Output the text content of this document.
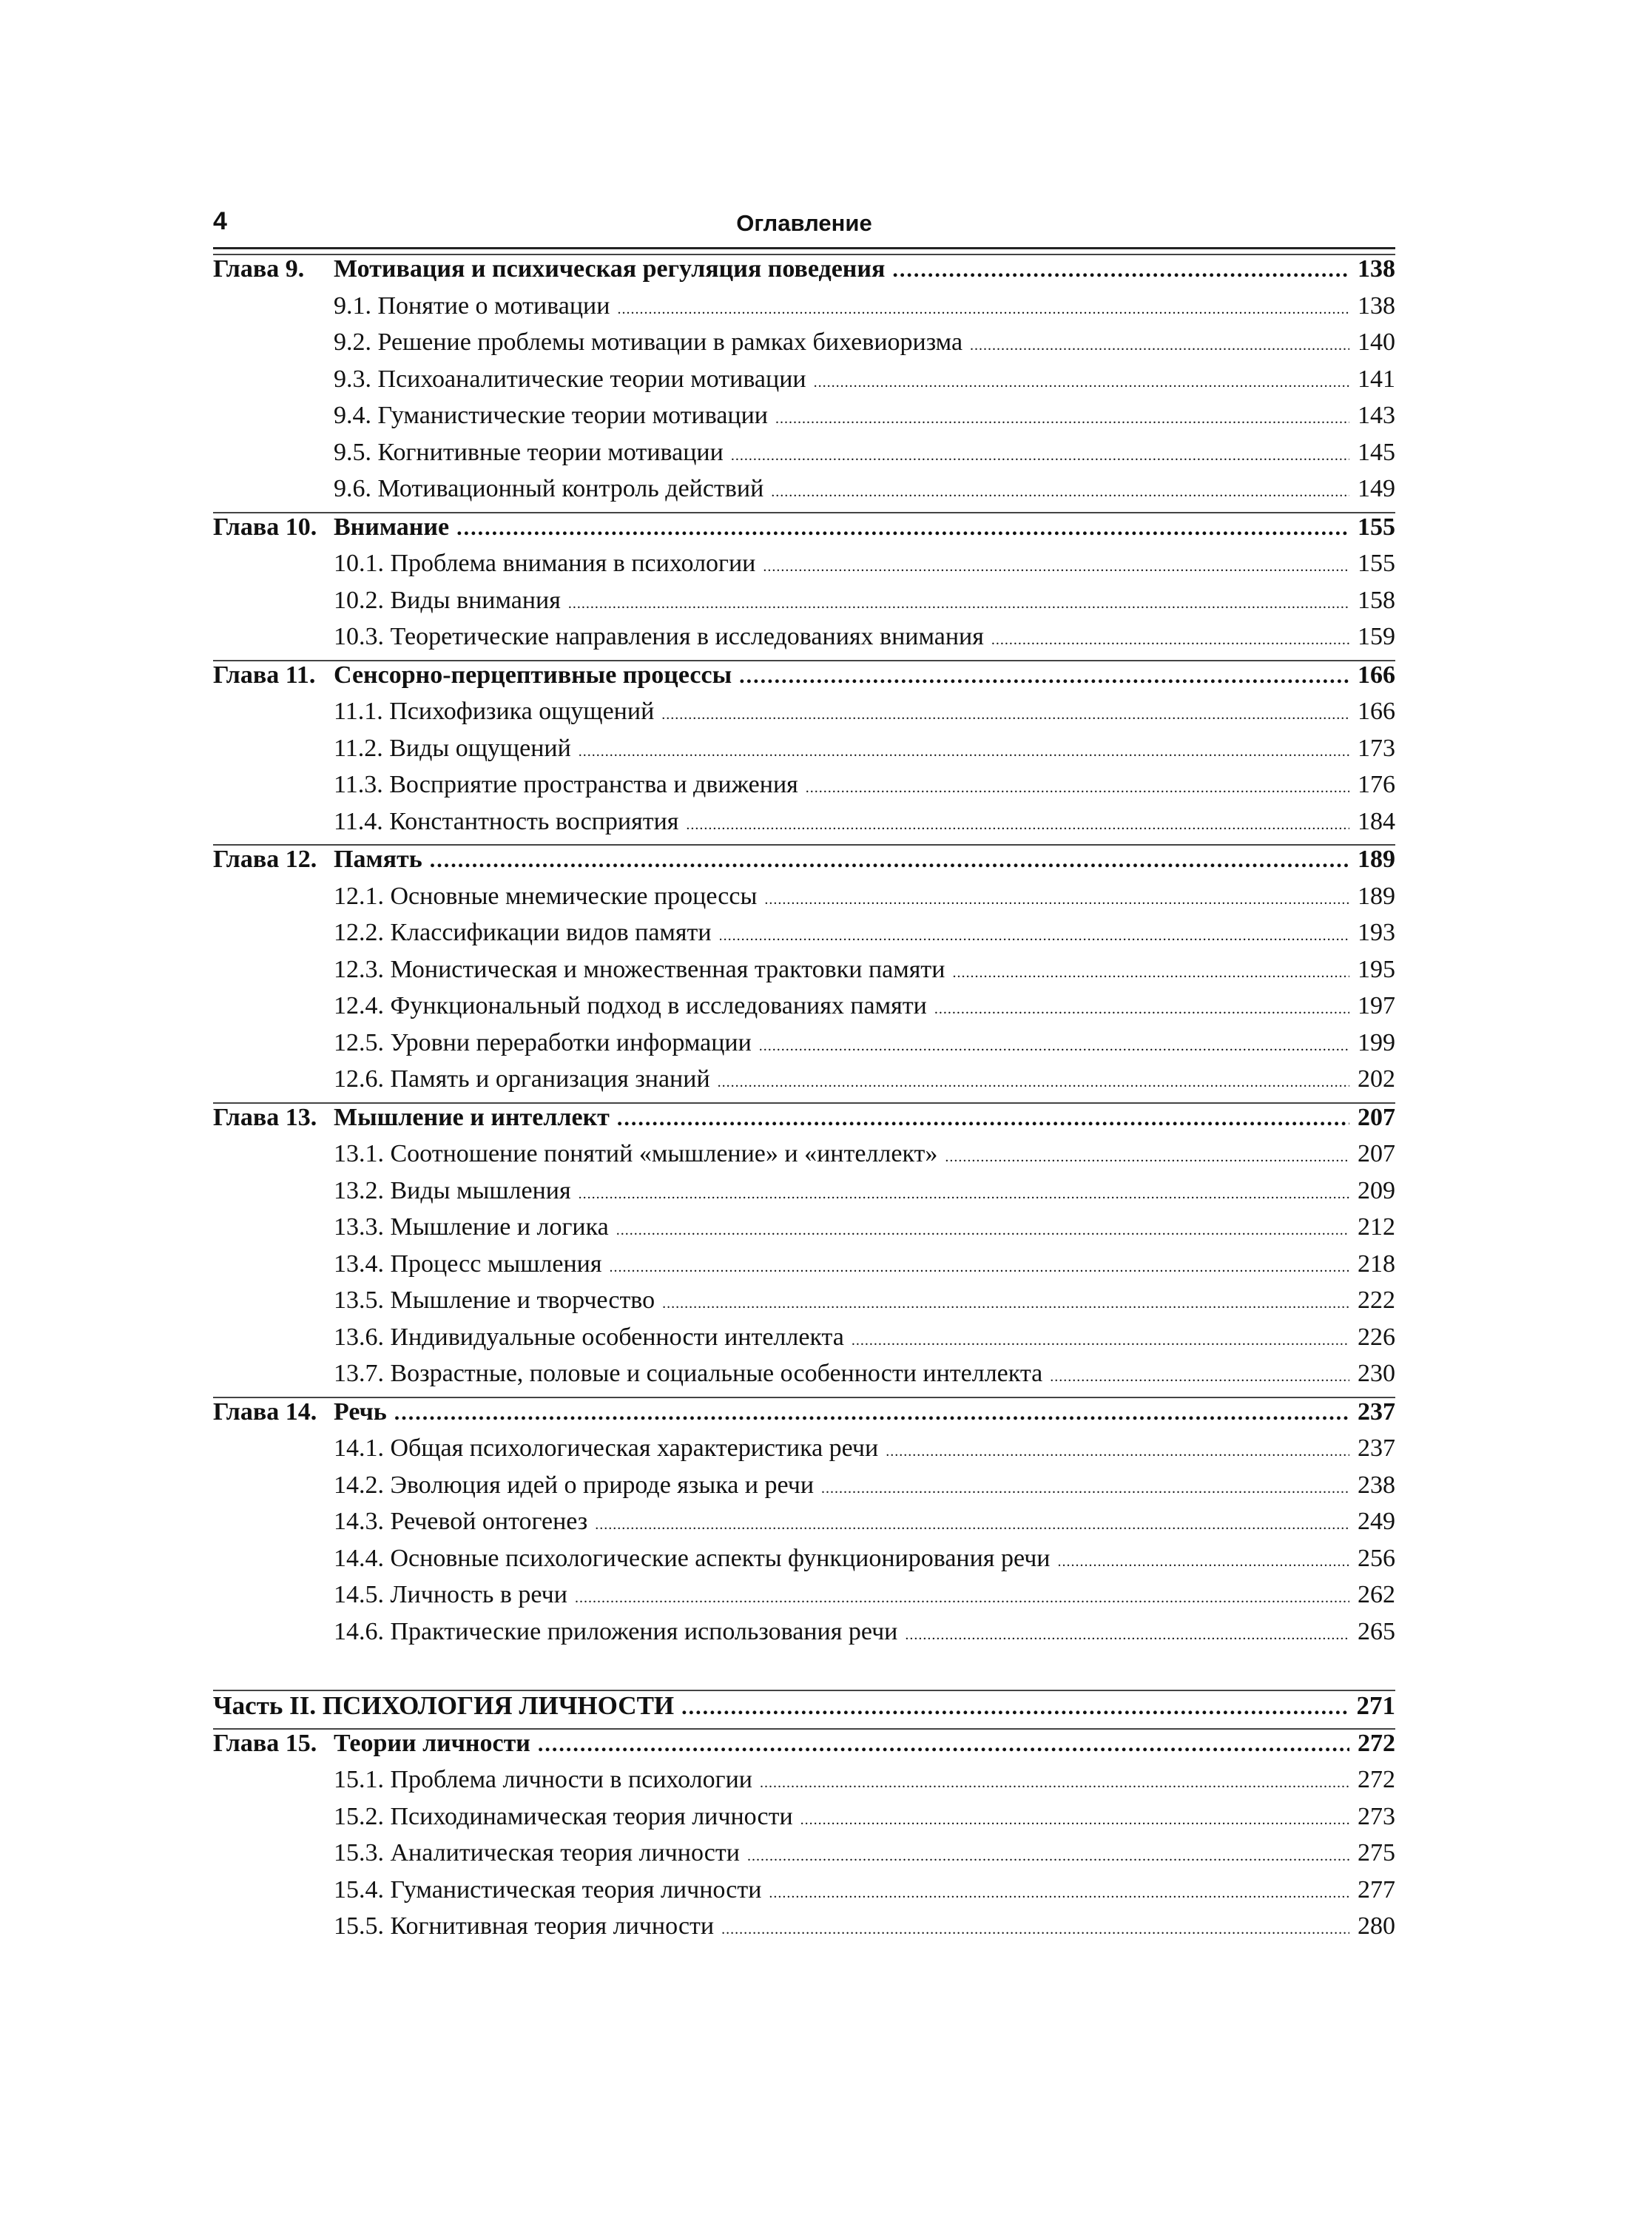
4	Оглавление
Глава 9.	Мотивация и психическая регуляция поведения .....	138
9.1. Понятие о мотивации .....	138
9.2. Решение проблемы мотивации в рамках бихевиоризма .....	140
9.3. Психоаналитические теории мотивации .....	141
9.4. Гуманистические теории мотивации .....	143
9.5. Когнитивные теории мотивации .....	145
9.6. Мотивационный контроль действий .....	149
Глава 10. Внимание .....	155
10.1. Проблема внимания в психологии .....	155
10.2. Виды внимания .....	158
10.3. Теоретические направления в исследованиях внимания .....	159
Глава 11. Сенсорно-перцептивные процессы .....	166
11.1. Психофизика ощущений .....	166
11.2. Виды ощущений .....	173
11.3. Восприятие пространства и движения .....	176
11.4. Константность восприятия .....	184
Глава 12. Память .....	189
12.1. Основные мнемические процессы .....	189
12.2. Классификации видов памяти .....	193
12.3. Монистическая и множественная трактовки памяти .....	195
12.4. Функциональный подход в исследованиях памяти .....	197
12.5. Уровни переработки информации .....	199
12.6. Память и организация знаний .....	202
Глава 13. Мышление и интеллект .....	207
13.1. Соотношение понятий «мышление» и «интеллект» .....	207
13.2. Виды мышления .....	209
13.3. Мышление и логика .....	212
13.4. Процесс мышления .....	218
13.5. Мышление и творчество .....	222
13.6. Индивидуальные особенности интеллекта .....	226
13.7. Возрастные, половые и социальные особенности интеллекта .....	230
Глава 14. Речь .....	237
14.1. Общая психологическая характеристика речи .....	237
14.2. Эволюция идей о природе языка и речи .....	238
14.3. Речевой онтогенез .....	249
14.4. Основные психологические аспекты функционирования речи .....	256
14.5. Личность в речи .....	262
14.6. Практические приложения использования речи .....	265
Часть II. ПСИХОЛОГИЯ ЛИЧНОСТИ .....	271
Глава 15. Теории личности .....	272
15.1. Проблема личности в психологии .....	272
15.2. Психодинамическая теория личности .....	273
15.3. Аналитическая теория личности .....	275
15.4. Гуманистическая теория личности .....	277
15.5. Когнитивная теория личности .....	280
